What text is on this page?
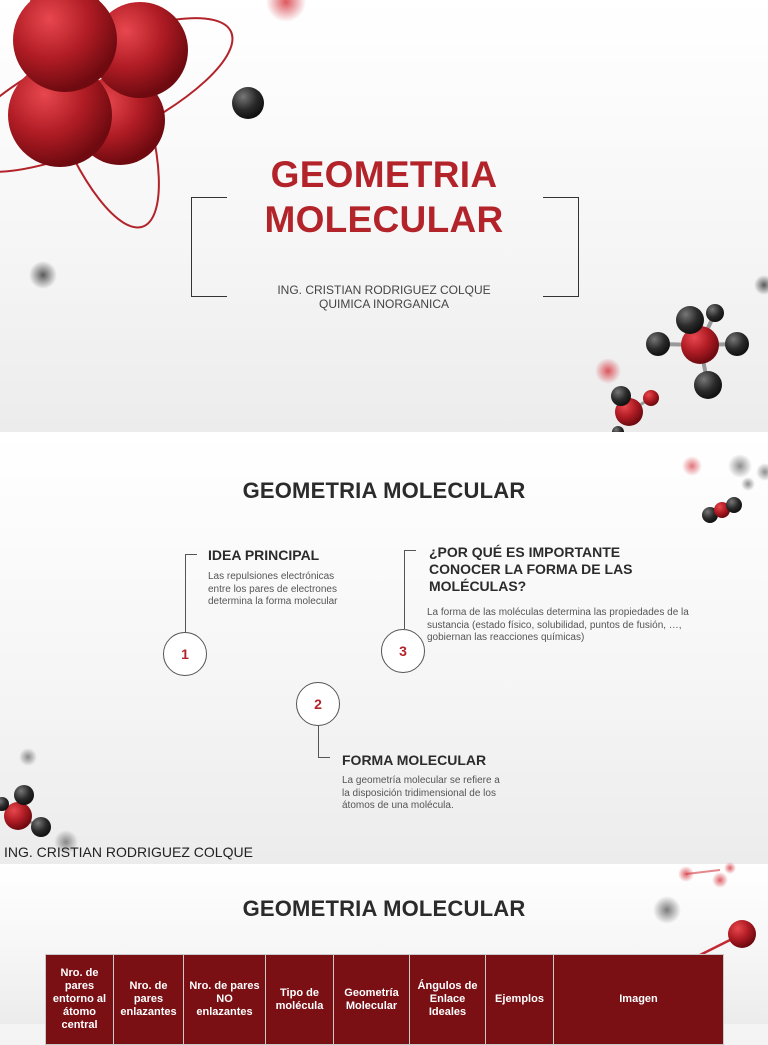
GEOMETRIA
MOLECULAR
ING. CRISTIAN RODRIGUEZ COLQUE
QUIMICA INORGANICA
GEOMETRIA MOLECULAR
1
IDEA PRINCIPAL
Las repulsiones electrónicas entre los pares de electrones determina la forma molecular
3
¿POR QUÉ ES IMPORTANTE CONOCER LA FORMA DE LAS MOLÉCULAS?
La forma de las moléculas determina las propiedades de la sustancia (estado físico, solubilidad, puntos de fusión, …, gobiernan las reacciones químicas)
2
FORMA MOLECULAR
La geometría molecular se refiere a la disposición tridimensional de los átomos de una molécula.
ING. CRISTIAN RODRIGUEZ COLQUE
GEOMETRIA MOLECULAR
Nro. de pares entorno al átomo central	Nro. de pares enlazantes	Nro. de pares NO enlazantes	Tipo de molécula	Geometría Molecular	Ángulos de Enlace Ideales	Ejemplos	Imagen
